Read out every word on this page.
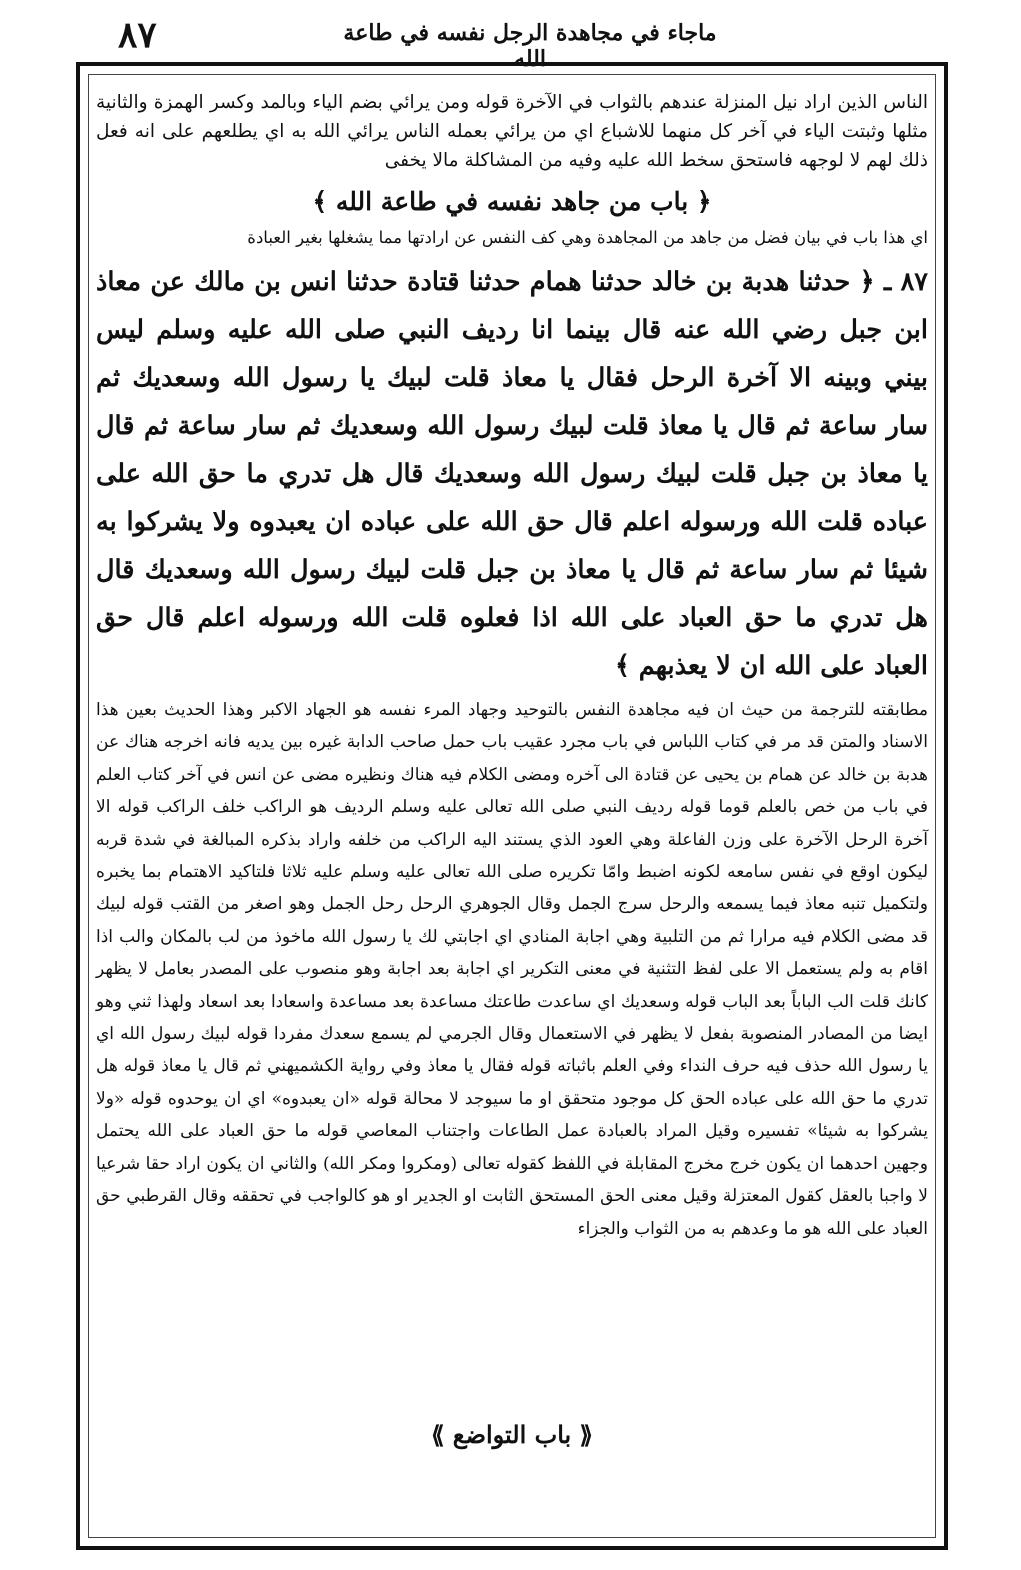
۸۷	ماجاء في مجاهدة الرجل نفسه في طاعة الله

الناس الذين اراد نيل المنزلة عندهم بالثواب في الآخرة قوله ومن يرائي بضم الياء وبالمد وكسر الهمزة والثانية مثلها وثبتت الياء في آخر كل منهما للاشباع اي من يرائي بعمله الناس يرائي الله به اي يطلعهم على انه فعل ذلك لهم لا لوجهه فاستحق سخط الله عليه وفيه من المشاكلة مالا يخفى

﴿ باب من جاهد نفسه في طاعة الله ﴾

اي هذا باب في بيان فضل من جاهد من المجاهدة وهي كف النفس عن ارادتها مما يشغلها بغير العبادة

۸۷ ـ ﴿ حدثنا هدبة بن خالد حدثنا همام حدثنا قتادة حدثنا انس بن مالك عن معاذ ابن جبل رضي الله عنه قال بينما انا رديف النبي صلى الله عليه وسلم ليس بيني وبينه الا آخرة الرحل فقال يا معاذ قلت لبيك يا رسول الله وسعديك ثم سار ساعة ثم قال يا معاذ قلت لبيك رسول الله وسعديك ثم سار ساعة ثم قال يا معاذ بن جبل قلت لبيك رسول الله وسعديك قال هل تدري ما حق الله على عباده قلت الله ورسوله اعلم قال حق الله على عباده ان يعبدوه ولا يشركوا به شيئا ثم سار ساعة ثم قال يا معاذ بن جبل قلت لبيك رسول الله وسعديك قال هل تدري ما حق العباد على الله اذا فعلوه قلت الله ورسوله اعلم قال حق العباد على الله ان لا يعذبهم ﴾

مطابقته للترجمة من حيث ان فيه مجاهدة النفس بالتوحيد وجهاد المرء نفسه هو الجهاد الاكبر وهذا الحديث بعين هذا الاسناد والمتن قد مر في كتاب اللباس في باب مجرد عقيب باب حمل صاحب الدابة غيره بين يديه فانه اخرجه هناك عن هدبة بن خالد عن همام بن يحيى عن قتادة الى آخره ومضى الكلام فيه هناك ونظيره مضى عن انس في آخر كتاب العلم في باب من خص بالعلم قوما قوله رديف النبي صلى الله تعالى عليه وسلم الرديف هو الراكب خلف الراكب قوله الا آخرة الرحل الآخرة على وزن الفاعلة وهي العود الذي يستند اليه الراكب من خلفه واراد بذكره المبالغة في شدة قربه ليكون اوقع في نفس سامعه لكونه اضبط وامّا تكريره صلى الله تعالى عليه وسلم عليه ثلاثا فلتاكيد الاهتمام بما يخبره ولتكميل تنبه معاذ فيما يسمعه والرحل سرج الجمل وقال الجوهري الرحل رحل الجمل وهو اصغر من القتب قوله لبيك قد مضى الكلام فيه مرارا ثم من التلبية وهي اجابة المنادي اي اجابتي لك يا رسول الله ماخوذ من لب بالمكان والب اذا اقام به ولم يستعمل الا على لفظ التثنية في معنى التكرير اي اجابة بعد اجابة وهو منصوب على المصدر بعامل لا يظهر كانك قلت الب الباباً بعد الباب قوله وسعديك اي ساعدت طاعتك مساعدة بعد مساعدة واسعادا بعد اسعاد ولهذا ثني وهو ايضا من المصادر المنصوبة بفعل لا يظهر في الاستعمال وقال الجرمي لم يسمع سعدك مفردا قوله لبيك رسول الله اي يا رسول الله حذف فيه حرف النداء وفي العلم باثباته قوله فقال يا معاذ وفي رواية الكشميهني ثم قال يا معاذ قوله هل تدري ما حق الله على عباده الحق كل موجود متحقق او ما سيوجد لا محالة قوله «ان يعبدوه» اي ان يوحدوه قوله «ولا يشركوا به شيئا» تفسيره وقيل المراد بالعبادة عمل الطاعات واجتناب المعاصي قوله ما حق العباد على الله يحتمل وجهين احدهما ان يكون خرج مخرج المقابلة في اللفظ كقوله تعالى (ومكروا ومكر الله) والثاني ان يكون اراد حقا شرعيا لا واجبا بالعقل كقول المعتزلة وقيل معنى الحق المستحق الثابت او الجدير او هو كالواجب في تحققه وقال القرطبي حق العباد على الله هو ما وعدهم به من الثواب والجزاء

⟪ باب التواضع ⟫
